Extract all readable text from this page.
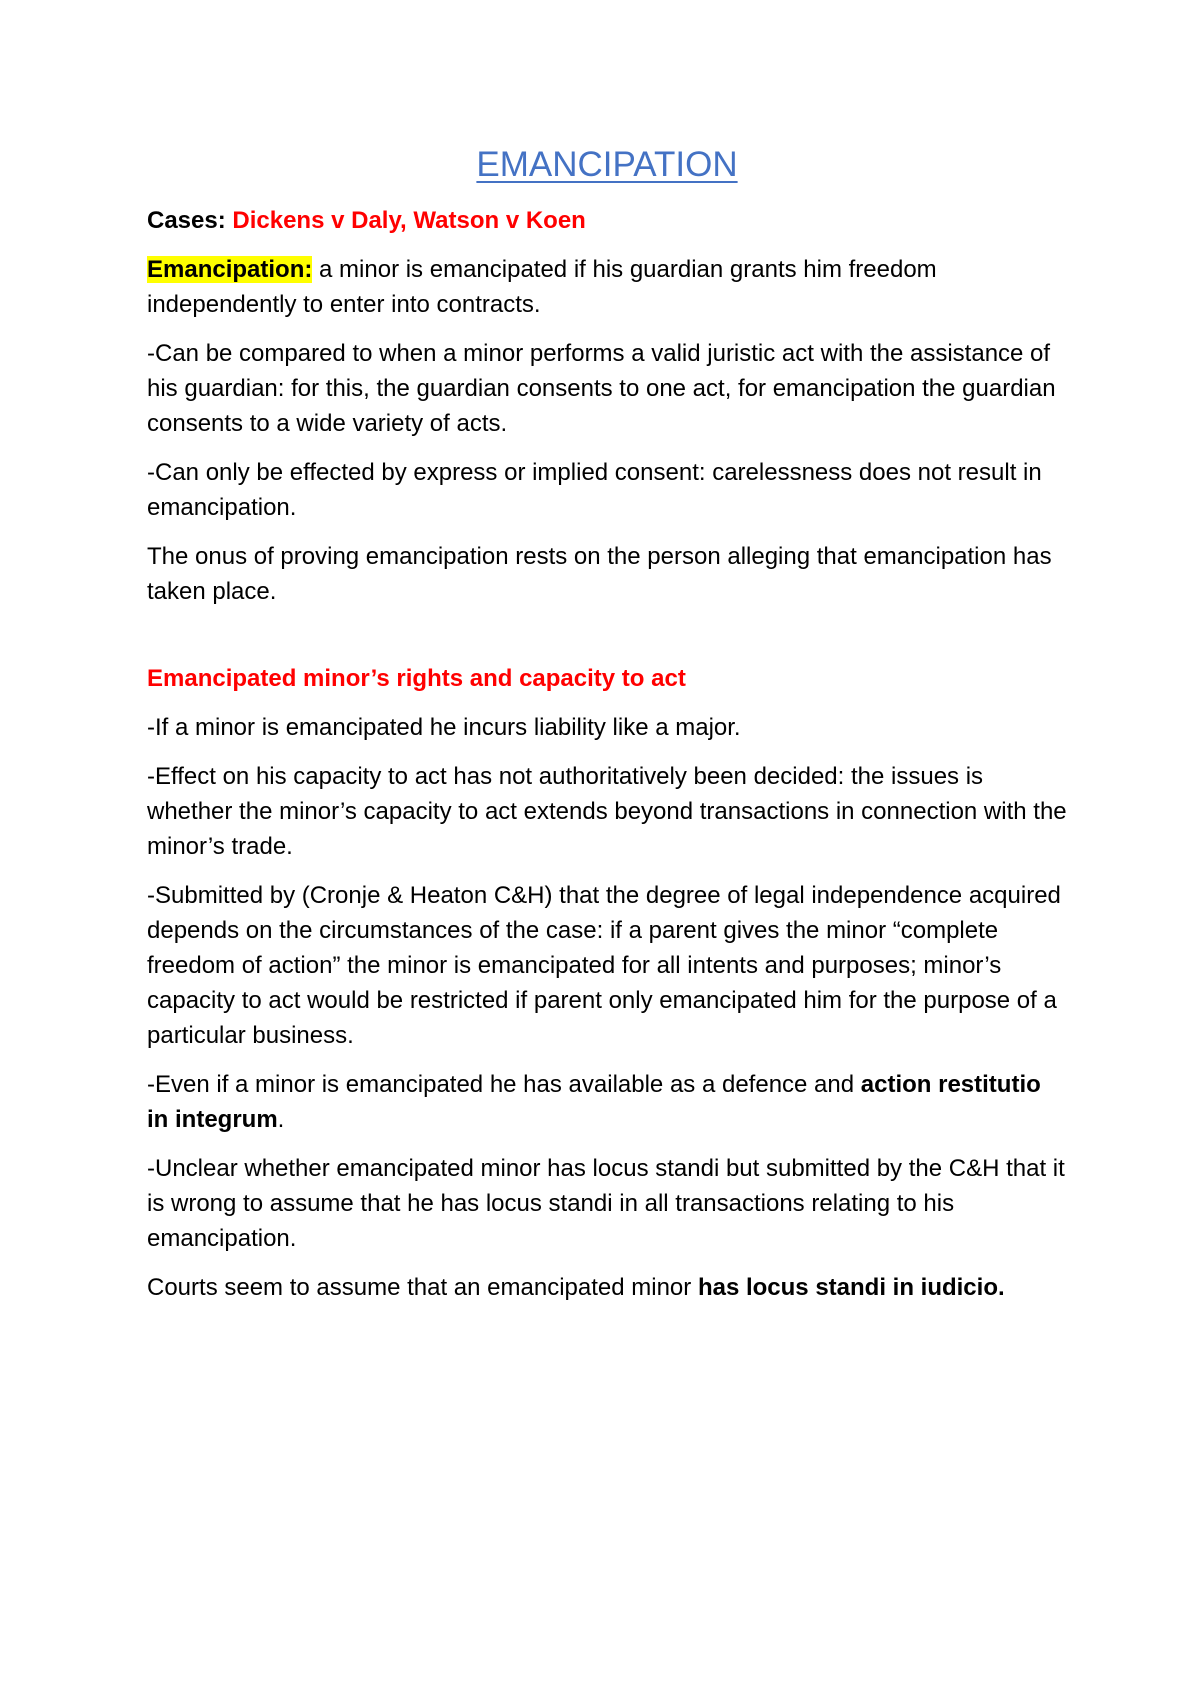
EMANCIPATION

Cases: Dickens v Daly, Watson v Koen

Emancipation: a minor is emancipated if his guardian grants him freedom independently to enter into contracts.

-Can be compared to when a minor performs a valid juristic act with the assistance of his guardian: for this, the guardian consents to one act, for emancipation the guardian consents to a wide variety of acts.

-Can only be effected by express or implied consent: carelessness does not result in emancipation.

The onus of proving emancipation rests on the person alleging that emancipation has taken place.

Emancipated minor’s rights and capacity to act

-If a minor is emancipated he incurs liability like a major.

-Effect on his capacity to act has not authoritatively been decided: the issues is whether the minor’s capacity to act extends beyond transactions in connection with the minor’s trade.

-Submitted by (Cronje & Heaton C&H) that the degree of legal independence acquired depends on the circumstances of the case: if a parent gives the minor “complete freedom of action” the minor is emancipated for all intents and purposes; minor’s capacity to act would be restricted if parent only emancipated him for the purpose of a particular business.

-Even if a minor is emancipated he has available as a defence and action restitutio in integrum.

-Unclear whether emancipated minor has locus standi but submitted by the C&H that it is wrong to assume that he has locus standi in all transactions relating to his emancipation.

Courts seem to assume that an emancipated minor has locus standi in iudicio.
